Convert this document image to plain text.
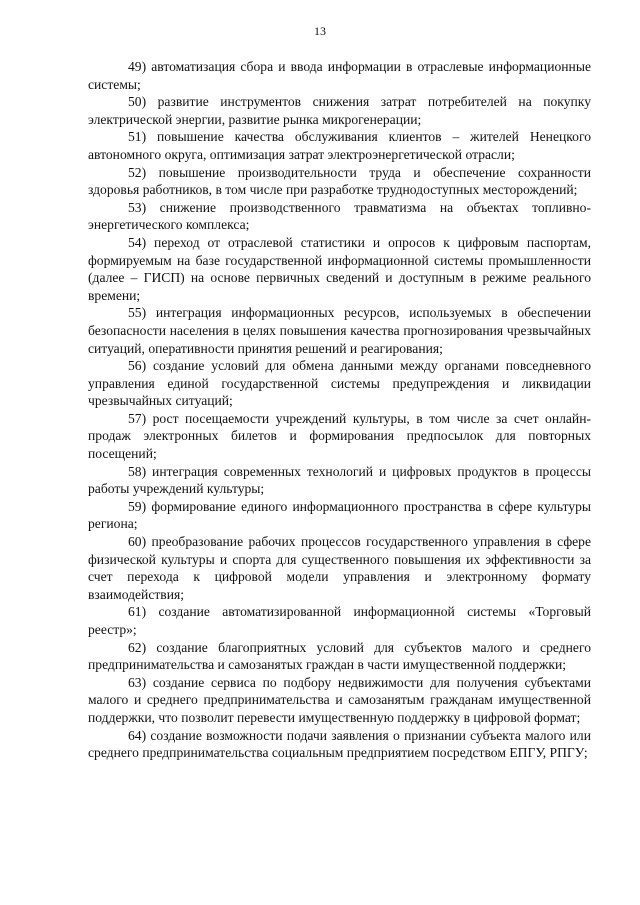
13

49) автоматизация сбора и ввода информации в отраслевые информационные системы;

50) развитие инструментов снижения затрат потребителей на покупку электрической энергии, развитие рынка микрогенерации;

51) повышение качества обслуживания клиентов – жителей Ненецкого автономного округа, оптимизация затрат электроэнергетической отрасли;

52) повышение производительности труда и обеспечение сохранности здоровья работников, в том числе при разработке труднодоступных месторождений;

53) снижение производственного травматизма на объектах топливно-энергетического комплекса;

54) переход от отраслевой статистики и опросов к цифровым паспортам, формируемым на базе государственной информационной системы промышленности (далее – ГИСП) на основе первичных сведений и доступным в режиме реального времени;

55) интеграция информационных ресурсов, используемых в обеспечении безопасности населения в целях повышения качества прогнозирования чрезвычайных ситуаций, оперативности принятия решений и реагирования;

56) создание условий для обмена данными между органами повседневного управления единой государственной системы предупреждения и ликвидации чрезвычайных ситуаций;

57) рост посещаемости учреждений культуры, в том числе за счет онлайн-продаж электронных билетов и формирования предпосылок для повторных посещений;

58) интеграция современных технологий и цифровых продуктов в процессы работы учреждений культуры;

59) формирование единого информационного пространства в сфере культуры региона;

60) преобразование рабочих процессов государственного управления в сфере физической культуры и спорта для существенного повышения их эффективности за счет перехода к цифровой модели управления и электронному формату взаимодействия;

61) создание автоматизированной информационной системы «Торговый реестр»;

62) создание благоприятных условий для субъектов малого и среднего предпринимательства и самозанятых граждан в части имущественной поддержки;

63) создание сервиса по подбору недвижимости для получения субъектами малого и среднего предпринимательства и самозанятым гражданам имущественной поддержки, что позволит перевести имущественную поддержку в цифровой формат;

64) создание возможности подачи заявления о признании субъекта малого или среднего предпринимательства социальным предприятием посредством ЕПГУ, РПГУ;
